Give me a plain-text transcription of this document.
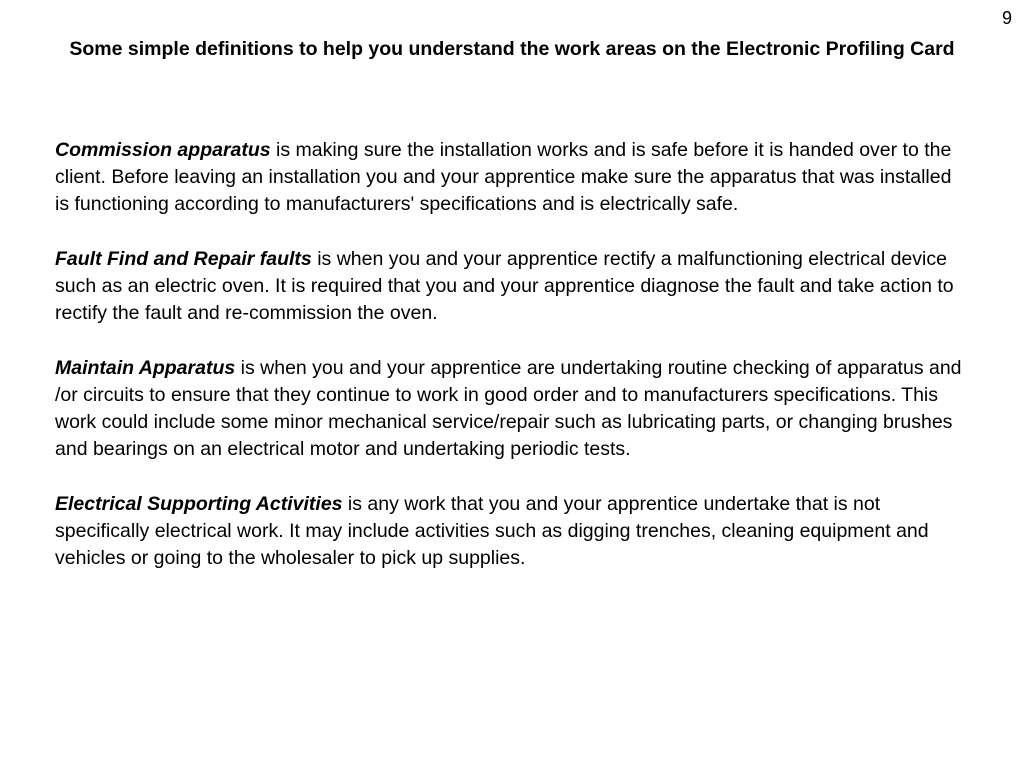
9
Some simple definitions to help you understand the work areas on the Electronic Profiling Card

Commission apparatus is making sure the installation works and is safe before it is handed over to the client. Before leaving an installation you and your apprentice make sure the apparatus that was installed is functioning according to manufacturers' specifications and is electrically safe.

Fault Find and Repair faults is when you and your apprentice rectify a malfunctioning electrical device such as an electric oven. It is required that you and your apprentice diagnose the fault and take action to rectify the fault and re-commission the oven.

Maintain Apparatus is when you and your apprentice are undertaking routine checking of apparatus and /or circuits to ensure that they continue to work in good order and to manufacturers specifications. This work could include some minor mechanical service/repair such as lubricating parts, or changing brushes and bearings on an electrical motor and undertaking periodic tests.

Electrical Supporting Activities is any work that you and your apprentice undertake that is not specifically electrical work. It may include activities such as digging trenches, cleaning equipment and vehicles or going to the wholesaler to pick up supplies.
